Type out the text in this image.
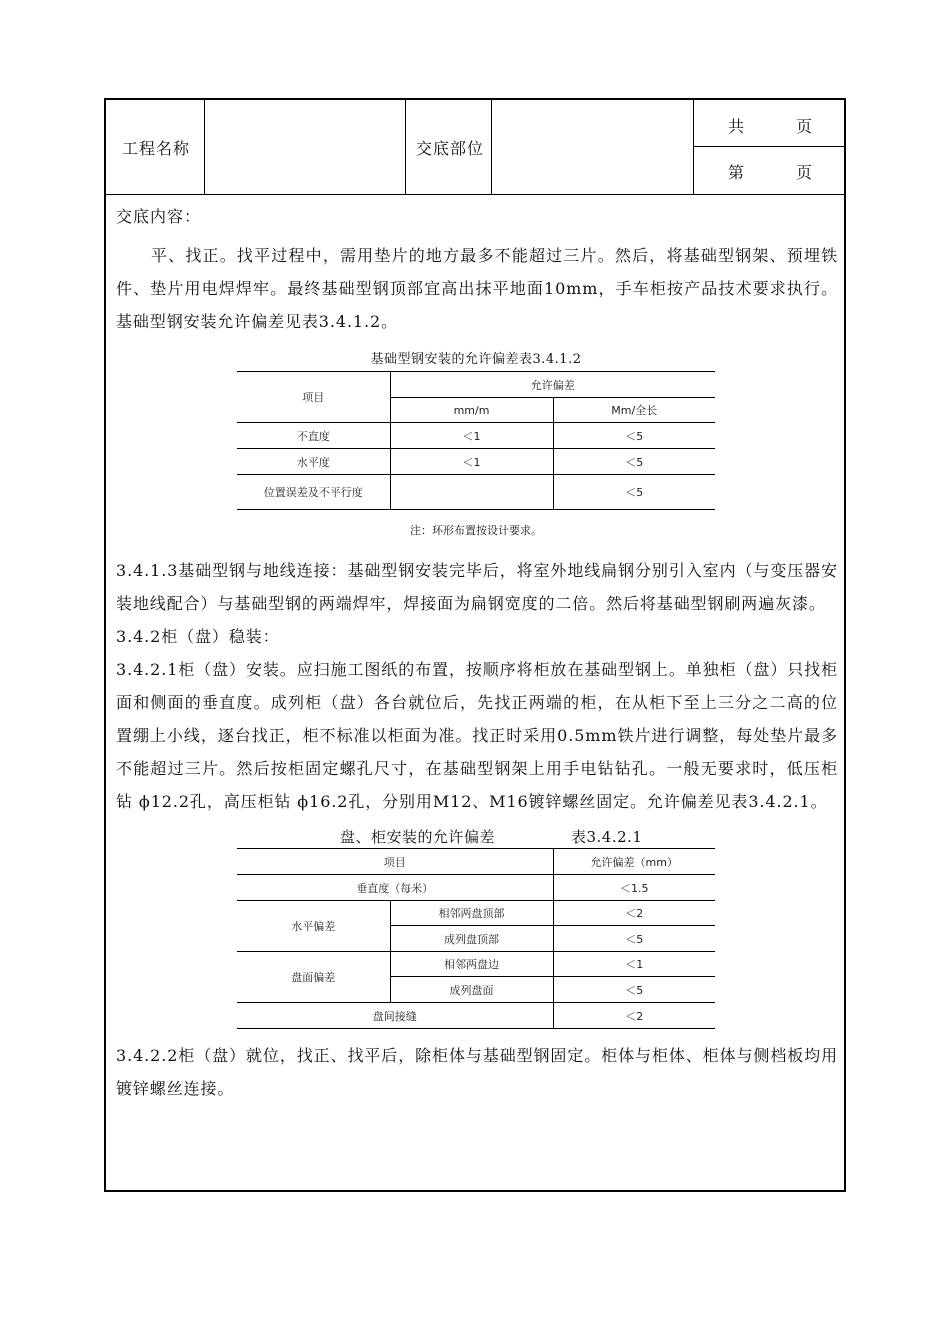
工程名称	交底部位
共　　　页
第　　　页
交底内容：

平、找正。找平过程中，需用垫片的地方最多不能超过三片。然后，将基础型钢架、预埋铁件、垫片用电焊焊牢。最终基础型钢顶部宜高出抹平地面10mm，手车柜按产品技术要求执行。基础型钢安装允许偏差见表3.4.1.2。

基础型钢安装的允许偏差表3.4.1.2
项目	允许偏差	
	mm/m	Mm/全长
不直度	＜1	＜5
水平度	＜1	＜5
位置误差及不平行度		＜5
注：环形布置按设计要求。

3.4.1.3基础型钢与地线连接：基础型钢安装完毕后，将室外地线扁钢分别引入室内（与变压器安装地线配合）与基础型钢的两端焊牢，焊接面为扁钢宽度的二倍。然后将基础型钢刷两遍灰漆。

3.4.2柜（盘）稳装：

3.4.2.1柜（盘）安装。应扫施工图纸的布置，按顺序将柜放在基础型钢上。单独柜（盘）只找柜面和侧面的垂直度。成列柜（盘）各台就位后，先找正两端的柜，在从柜下至上三分之二高的位置绷上小线，逐台找正，柜不标准以柜面为准。找正时采用0.5mm铁片进行调整，每处垫片最多不能超过三片。然后按柜固定螺孔尺寸，在基础型钢架上用手电钻钻孔。一般无要求时，低压柜钻 ϕ12.2孔，高压柜钻 ϕ16.2孔，分别用M12、M16镀锌螺丝固定。允许偏差见表3.4.2.1。

盘、柜安装的允许偏差	表3.4.2.1
项目		允许偏差（mm）
垂直度（每米）		＜1.5
水平偏差	相邻两盘顶部	＜2
	成列盘顶部	＜5
盘面偏差	相邻两盘边	＜1
	成列盘面	＜5
盘间接缝		＜2

3.4.2.2柜（盘）就位，找正、找平后，除柜体与基础型钢固定。柜体与柜体、柜体与侧档板均用镀锌螺丝连接。
